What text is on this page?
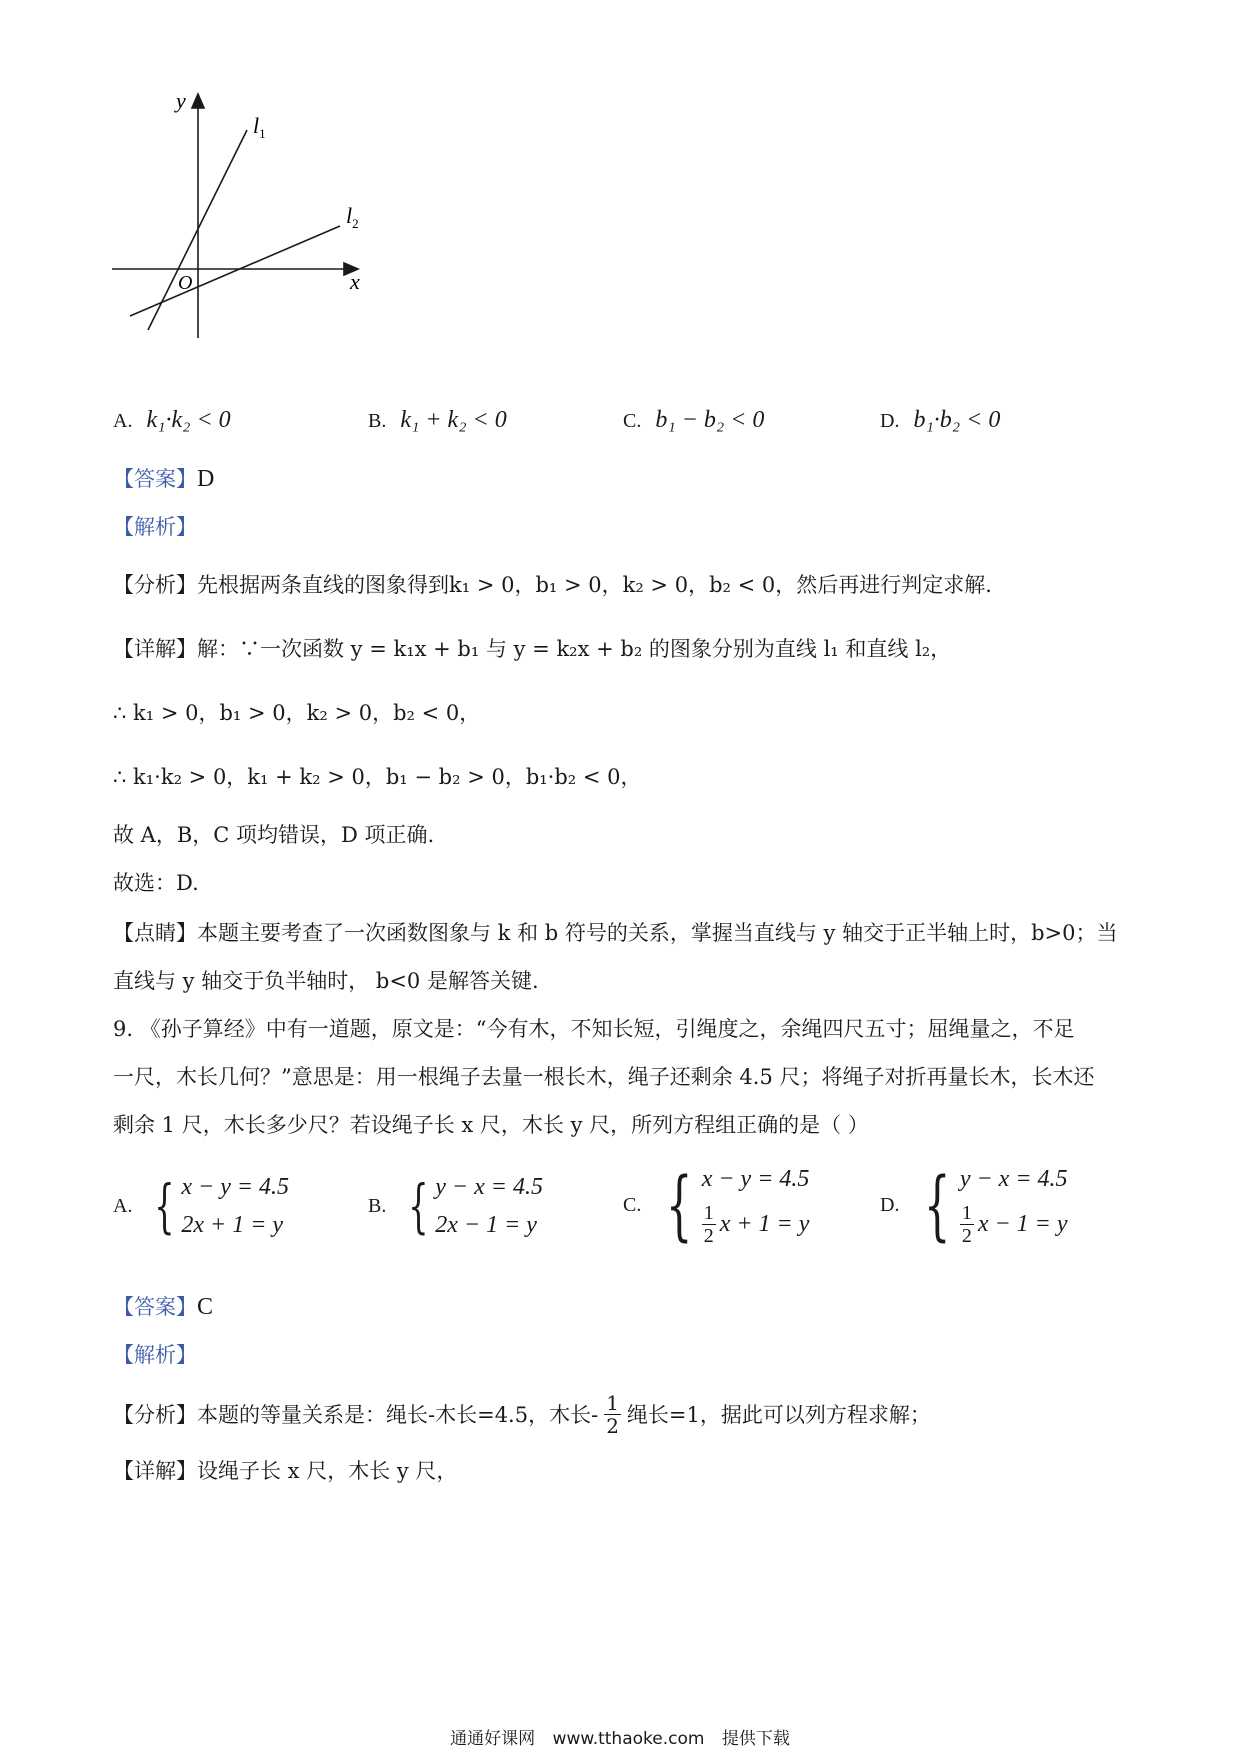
y
x
O
$l_1$
$l_2$
A. k₁·k₂ < 0	B. k₁ + k₂ < 0	C. b₁ − b₂ < 0	D. b₁·b₂ < 0
【答案】D
【解析】
【分析】先根据两条直线的图象得到k₁ > 0，b₁ > 0，k₂ > 0，b₂ < 0，然后再进行判定求解.
【详解】解：∵一次函数 y = k₁x + b₁ 与 y = k₂x + b₂ 的图象分别为直线 l₁ 和直线 l₂，
∴ k₁ > 0，b₁ > 0，k₂ > 0，b₂ < 0，
∴ k₁·k₂ > 0，k₁ + k₂ > 0，b₁ − b₂ > 0，b₁·b₂ < 0，
故 A，B，C 项均错误，D 项正确.
故选：D.
【点睛】本题主要考查了一次函数图象与 k 和 b 符号的关系，掌握当直线与 y 轴交于正半轴上时，b>0；当
直线与 y 轴交于负半轴时， b<0 是解答关键.
9. 《孙子算经》中有一道题，原文是：“今有木，不知长短，引绳度之，余绳四尺五寸；屈绳量之，不足
一尺，木长几何？”意思是：用一根绳子去量一根长木，绳子还剩余 4.5 尺；将绳子对折再量长木，长木还
剩余 1 尺，木长多少尺？若设绳子长 x 尺，木长 y 尺，所列方程组正确的是（ ）
A. { x − y = 4.5
2x + 1 = y
B. { y − x = 4.5
2x − 1 = y
C. { x − y = 4.5
$\frac{1}{2}$ x + 1 = y
D. { y − x = 4.5
$\frac{1}{2}$ x − 1 = y
【答案】C
【解析】
【分析】 本题的等量关系是：绳长-木长=4.5，木长- $\frac{1}{2}$ 绳长=1，据此可以列方程求解；
【详解】设绳子长 x 尺，木长 y 尺，
通通好课网 www.tthaoke.com 提供下载
